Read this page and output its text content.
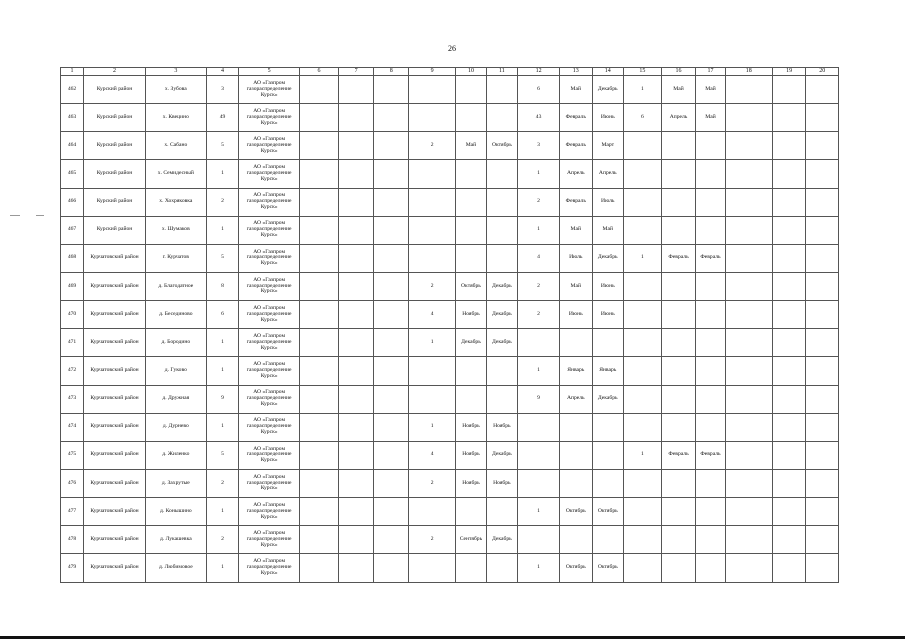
26
1	2	3	4	5	6	7	8	9	10	11	12	13	14	15	16	17	18	19	20
462	Курский район	х. Зубова	3	АО «Газпром газораспределение Курск»							6	Май	Декабрь	1	Май	Май			
463	Курский район	х. Квецино	49	АО «Газпром газораспределение Курск»							43	Февраль	Июнь	6	Апрель	Май			
464	Курский район	х. Сабано	5	АО «Газпром газораспределение Курск»				2	Май	Октябрь	3	Февраль	Март						
465	Курский район	х. Семидесный	1	АО «Газпром газораспределение Курск»							1	Апрель	Апрель						
466	Курский район	х. Хохряковка	2	АО «Газпром газораспределение Курск»							2	Февраль	Июль						
467	Курский район	х. Шумаков	1	АО «Газпром газораспределение Курск»							1	Май	Май						
468	Курчатовский район	г. Курчатов	5	АО «Газпром газораспределение Курск»							4	Июль	Декабрь	1	Февраль	Февраль			
469	Курчатовский район	д. Благодатное	8	АО «Газпром газораспределение Курск»				2	Октябрь	Декабрь	2	Май	Июнь						
470	Курчатовский район	д. Бесединово	6	АО «Газпром газораспределение Курск»				4	Ноябрь	Декабрь	2	Июнь	Июнь						
471	Курчатовский район	д. Бородино	1	АО «Газпром газораспределение Курск»				1	Декабрь	Декабрь									
472	Курчатовский район	д. Гуково	1	АО «Газпром газораспределение Курск»							1	Январь	Январь						
473	Курчатовский район	д. Дружная	9	АО «Газпром газораспределение Курск»							9	Апрель	Декабрь						
474	Курчатовский район	д. Дурнево	1	АО «Газпром газораспределение Курск»				1	Ноябрь	Ноябрь									
475	Курчатовский район	д. Жиленко	5	АО «Газпром газораспределение Курск»				4	Ноябрь	Декабрь				1	Февраль	Февраль			
476	Курчатовский район	д. Захрутые	2	АО «Газпром газораспределение Курск»				2	Ноябрь	Ноябрь									
477	Курчатовский район	д. Конышино	1	АО «Газпром газораспределение Курск»							1	Октябрь	Октябрь						
478	Курчатовский район	д. Лукашевка	2	АО «Газпром газораспределение Курск»				2	Сентябрь	Декабрь									
479	Курчатовский район	д. Любимовое	1	АО «Газпром газораспределение Курск»							1	Октябрь	Октябрь						
